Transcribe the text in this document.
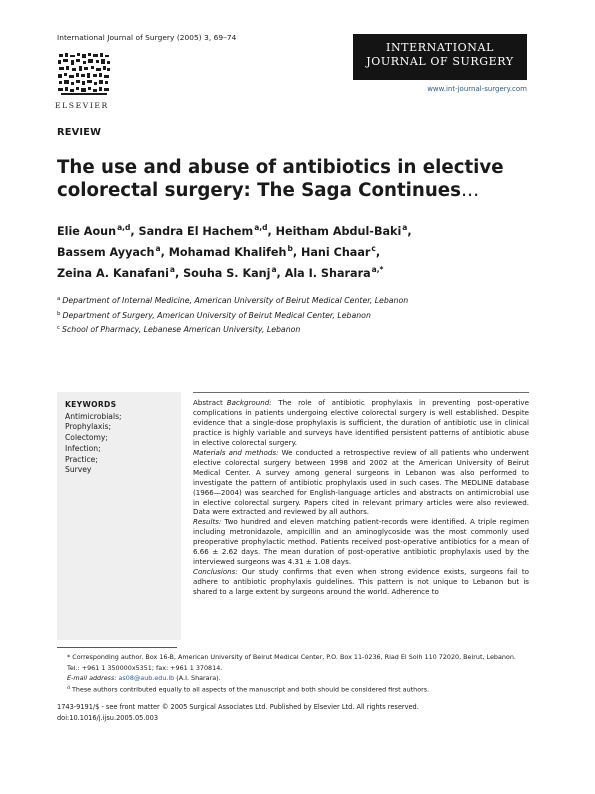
International Journal of Surgery (2005) 3, 69–74
ELSEVIER
INTERNATIONAL
JOURNAL OF SURGERY
www.int-journal-surgery.com
REVIEW
The use and abuse of antibiotics in elective
colorectal surgery: The Saga Continues…
Elie Aoun$^{a,d}$, Sandra El Hachem$^{a,d}$, Heitham Abdul-Baki$^a$,
Bassem Ayyach$^a$, Mohamad Khalifeh$^b$, Hani Chaar$^c$,
Zeina A. Kanafani$^a$, Souha S. Kanj$^a$, Ala I. Sharara$^{a,*}$
$^a$ Department of Internal Medicine, American University of Beirut Medical Center, Lebanon
$^b$ Department of Surgery, American University of Beirut Medical Center, Lebanon
$^c$ School of Pharmacy, Lebanese American University, Lebanon
KEYWORDS
Antimicrobials;
Prophylaxis;
Colectomy;
Infection;
Practice;
Survey

Abstract Background: The role of antibiotic prophylaxis in preventing post-operative complications in patients undergoing elective colorectal surgery is well established. Despite evidence that a single-dose prophylaxis is sufficient, the duration of antibiotic use in clinical practice is highly variable and surveys have identified persistent patterns of antibiotic abuse in elective colorectal surgery.

Materials and methods: We conducted a retrospective review of all patients who underwent elective colorectal surgery between 1998 and 2002 at the American University of Beirut Medical Center. A survey among general surgeons in Lebanon was also performed to investigate the pattern of antibiotic prophylaxis used in such cases. The MEDLINE database (1966—2004) was searched for English-language articles and abstracts on antimicrobial use in elective colorectal surgery. Papers cited in relevant primary articles were also reviewed. Data were extracted and reviewed by all authors.

Results: Two hundred and eleven matching patient-records were identified. A triple regimen including metronidazole, ampicillin and an aminoglycoside was the most commonly used preoperative prophylactic method. Patients received post-operative antibiotics for a mean of 6.66 ± 2.62 days. The mean duration of post-operative antibiotic prophylaxis used by the interviewed surgeons was 4.31 ± 1.08 days.

Conclusions: Our study confirms that even when strong evidence exists, surgeons fail to adhere to antibiotic prophylaxis guidelines. This pattern is not unique to Lebanon but is shared to a large extent by surgeons around the world. Adherence to

* Corresponding author. Box 16-B, American University of Beirut Medical Center, P.O. Box 11-0236, Riad El Solh 110 72020, Beirut, Lebanon. Tel.: +961 1 350000x5351; fax: +961 1 370814.
E-mail address: as08@aub.edu.lb (A.I. Sharara).
$^d$ These authors contributed equally to all aspects of the manuscript and both should be considered first authors.
1743-9191/$ - see front matter © 2005 Surgical Associates Ltd. Published by Elsevier Ltd. All rights reserved.
doi:10.1016/j.ijsu.2005.05.003
